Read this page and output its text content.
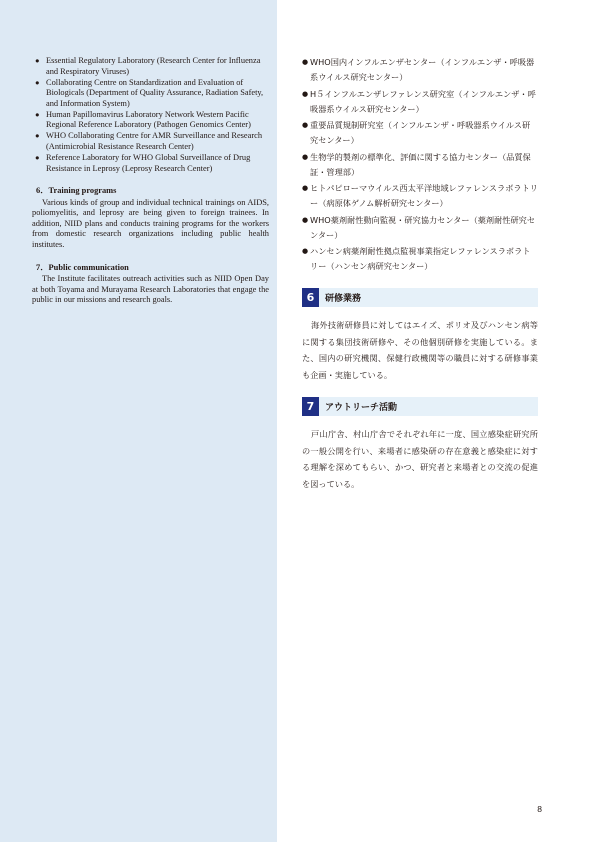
● Essential Regulatory Laboratory (Research Center for Influenza and Respiratory Viruses)
● Collaborating Centre on Standardization and Evaluation of Biologicals (Department of Quality Assurance, Radiation Safety, and Information System)
● Human Papillomavirus Laboratory Network Western Pacific Regional Reference Laboratory (Pathogen Genomics Center)
● WHO Collaborating Centre for AMR Surveillance and Research (Antimicrobial Resistance Research Center)
● Reference Laboratory for WHO Global Surveillance of Drug Resistance in Leprosy (Leprosy Research Center)
6．Training programs

Various kinds of group and individual technical trainings on AIDS, poliomyelitis, and leprosy are being given to foreign trainees. In addition, NIID plans and conducts training programs for the workers from domestic research organizations including public health institutes.

7．Public communication

The Institute facilitates outreach activities such as NIID Open Day at both Toyama and Murayama Research Laboratories that engage the public in our missions and research goals.

● WHO国内インフルエンザセンター（インフルエンザ・呼吸器系ウイルス研究センター）
● H５インフルエンザレファレンス研究室（インフルエンザ・呼吸器系ウイルス研究センター）
● 重要品質規制研究室（インフルエンザ・呼吸器系ウイルス研究センター）
● 生物学的製剤の標準化、評価に関する協力センター（品質保証・管理部）
● ヒトパピローマウイルス西太平洋地域レファレンスラボラトリー（病原体ゲノム解析研究センター）
● WHO薬剤耐性動向監視・研究協力センター（薬剤耐性研究センター）
● ハンセン病薬剤耐性拠点監視事業指定レファレンスラボラトリー（ハンセン病研究センター）
6	研修業務

海外技術研修員に対してはエイズ、ポリオ及びハンセン病等に関する集団技術研修や、その他個別研修を実施している。また、国内の研究機関、保健行政機関等の職員に対する研修事業も企画・実施している。

7	アウトリーチ活動

戸山庁舎、村山庁舎でそれぞれ年に一度、国立感染症研究所の一般公開を行い、来場者に感染研の存在意義と感染症に対する理解を深めてもらい、かつ、研究者と来場者との交流の促進を図っている。

8
